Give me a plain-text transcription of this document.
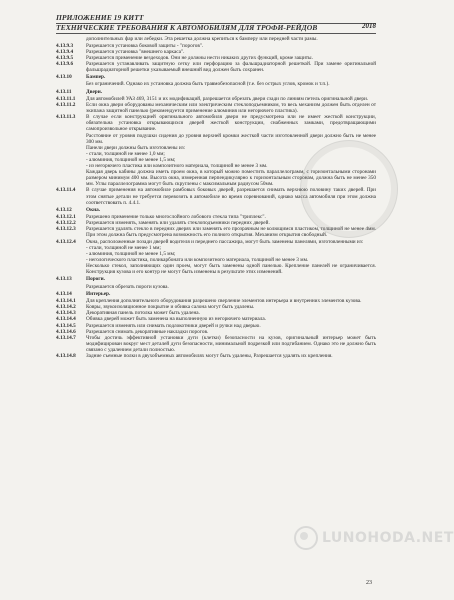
ПРИЛОЖЕНИЕ 19 КИТТ
ТЕХНИЧЕСКИЕ ТРЕБОВАНИЯ К АВТОМОБИЛЯМ ДЛЯ ТРОФИ-РЕЙДОВ	2018
дополнительных фар или лебедки. Эта решетка должна крепиться к бамперу или передней части рамы.
4.13.9.3	Разрешается установка боковой защиты - "порогов".
4.13.9.4	Разрешается установка "внешнего каркаса".
4.13.9.5	Разрешается применение вездеходов. Они не должны нести никаких других функций, кроме защиты.
4.13.9.6	Разрешается устанавливать защитную сетку или перфорацию за фальшрадиаторной решеткой. При замене оригинальной фальшрадиаторной решетки указываемый внешний вид должен быть сохранен.
4.13.10	Бампер.
Без ограничений. Однако их установка должна быть травмобезопасной (т.е. без острых углов, кромок и т.п.).
4.13.11	Двери.
4.13.11.1	Для автомобилей УАЗ 469, 3151 и их модификаций, разрешается обрезать двери сзади по линиям петель оригинальной двери.
4.13.11.2	Если окна двери оборудованы механическим или электрическим стеклоподъемником, то весь механизм должен быть отделен от экипажа защитной панелью (рекомендуется применение алюминия или негорючего пластика).
4.13.11.3	В случае если конструкцией оригинального автомобиля двери не предусмотрена или не имеет жесткой конструкции, обязательна установка открывающихся дверей жесткой конструкции, снабженных замками, предотвращающими самопроизвольное открывание.
Расстояние от уровня подушки сидения до уровня верхней кромки жесткой части изготовленной двери должно быть не менее 300 мм.
Панели двери должны быть изготовлены из:
- стали, толщиной не менее 1,0 мм;
- алюминия, толщиной не менее 1,5 мм;
- из негорючего пластика или композитного материала, толщиной не менее 3 мм.
Каждая дверь кабины должна иметь проем окна, в который можно поместить параллелограмм, с горизонтальными сторонами размером минимум 400 мм. Высота окна, измеренная перпендикулярно к горизонтальным сторонам, должна быть не менее 350 мм. Углы параллелограмма могут быть скруглены с максимальным радиусом 50мм.
4.13.11.4	В случае применения на автомобиле рамбовых боковых дверей, разрешается снимать верхнюю половину таких дверей. При этом снятые детали не требуется перевозить в автомобиле во время соревнований, однако масса автомобиля при этом должна соответствовать п. 4.4.1.
4.13.12	Окна.
4.13.12.1	Разрешено применение только многослойного лобового стекла типа "триплекс".
4.13.12.2	Разрешается изменять, заменять или удалять стеклоподъемники передних дверей.
4.13.12.3	Разрешается удалять стекло в передних дверях или заменять его прозрачным не колющимся пластиком, толщиной не менее 4мм. При этом должна быть предусмотрена возможность его полного открытия. Механизм открытия свободный.
4.13.12.4	Окна, расположенные позади дверей водителя и переднего пассажира, могут быть заменены панелями, изготовленными из:
- стали, толщиной не менее 1 мм;
- алюминия, толщиной не менее 1,5 мм;
- негологического пластика, поликарбоната или композитного материала, толщиной не менее 3 мм.
Несколько стекол, заполняющих один проем, могут быть заменены одной панелью. Крепление панелей не ограничивается. Конструкция кузова и его контур не могут быть изменены в результате этих изменений.
4.13.13	Пороги.
Разрешается обрезать пороги кузова.
4.13.14	Интерьер.
4.13.14.1	Для крепления дополнительного оборудования разрешено сверление элементов интерьера и внутренних элементов кузова.
4.13.14.2	Ковры, звукоизоляционное покрытие и обивка салона могут быть удалены.
4.13.14.3	Декоративная панель потолка может быть удалена.
4.13.14.4	Обивка дверей может быть заменена на выполненную из негорючего материала.
4.13.14.5	Разрешается изменять или снимать подлокотники дверей и ручки над дверью.
4.13.14.6	Разрешается снимать декоративные накладки порогов.
4.13.14.7	Чтобы достичь эффективной установки дуги (клетки) безопасности на кузов, оригинальный интерьер может быть модифицирован вокруг мест деталей дуги безопасности, минимальной подрезкой или подгибанием. Однако это не должно быть связано с удалением детали полностью.
4.13.14.8	Задние съемные полки в двухобъемных автомобилях могут быть удалены, Разрешается удалять их крепления.
23
LUNOHODA.NET
